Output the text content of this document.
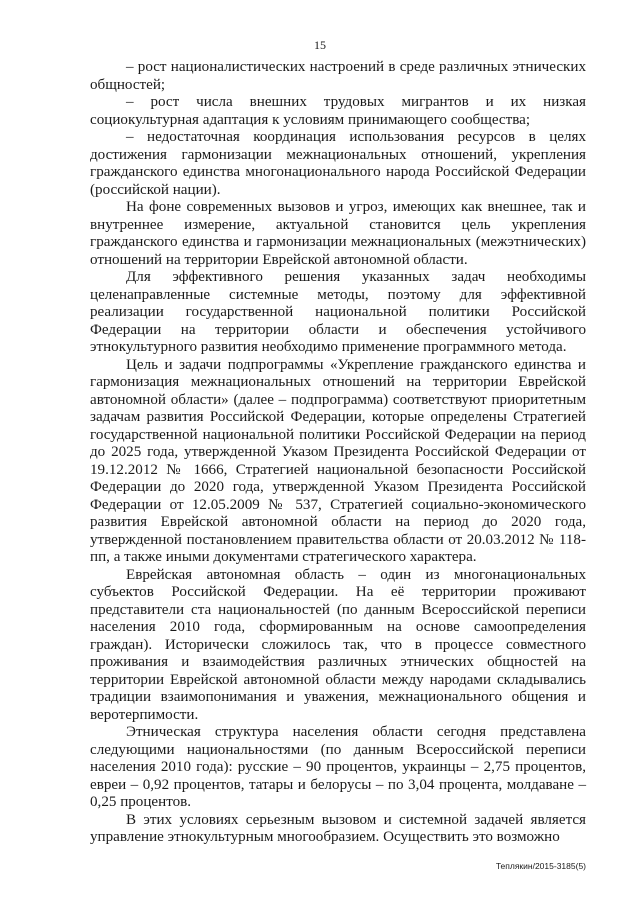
15

– рост националистических настроений в среде различных этнических общностей;

– рост числа внешних трудовых мигрантов и их низкая социокультурная адаптация к условиям принимающего сообщества;

– недостаточная координация использования ресурсов в целях достижения гармонизации межнациональных отношений, укрепления гражданского единства многонационального народа Российской Федерации (российской нации).

На фоне современных вызовов и угроз, имеющих как внешнее, так и внутреннее измерение, актуальной становится цель укрепления гражданского единства и гармонизации межнациональных (межэтнических) отношений на территории Еврейской автономной области.

Для эффективного решения указанных задач необходимы целенаправленные системные методы, поэтому для эффективной реализации государственной национальной политики Российской Федерации на территории области и обеспечения устойчивого этнокультурного развития необходимо применение программного метода.

Цель и задачи подпрограммы «Укрепление гражданского единства и гармонизация межнациональных отношений на территории Еврейской автономной области» (далее – подпрограмма) соответствуют приоритетным задачам развития Российской Федерации, которые определены Стратегией государственной национальной политики Российской Федерации на период до 2025 года, утвержденной Указом Президента Российской Федерации от 19.12.2012 № 1666, Стратегией национальной безопасности Российской Федерации до 2020 года, утвержденной Указом Президента Российской Федерации от 12.05.2009 № 537, Стратегией социально-экономического развития Еврейской автономной области на период до 2020 года, утвержденной постановлением правительства области от 20.03.2012 № 118-пп, а также иными документами стратегического характера.

Еврейская автономная область – один из многонациональных субъектов Российской Федерации. На её территории проживают представители ста национальностей (по данным Всероссийской переписи населения 2010 года, сформированным на основе самоопределения граждан). Исторически сложилось так, что в процессе совместного проживания и взаимодействия различных этнических общностей на территории Еврейской автономной области между народами складывались традиции взаимопонимания и уважения, межнационального общения и веротерпимости.

Этническая структура населения области сегодня представлена следующими национальностями (по данным Всероссийской переписи населения 2010 года): русские – 90 процентов, украинцы – 2,75 процентов, евреи – 0,92 процентов, татары и белорусы – по 3,04 процента, молдаване – 0,25 процентов.

В этих условиях серьезным вызовом и системной задачей является управление этнокультурным многообразием. Осуществить это возможно

Теплякин/2015-3185(5)
